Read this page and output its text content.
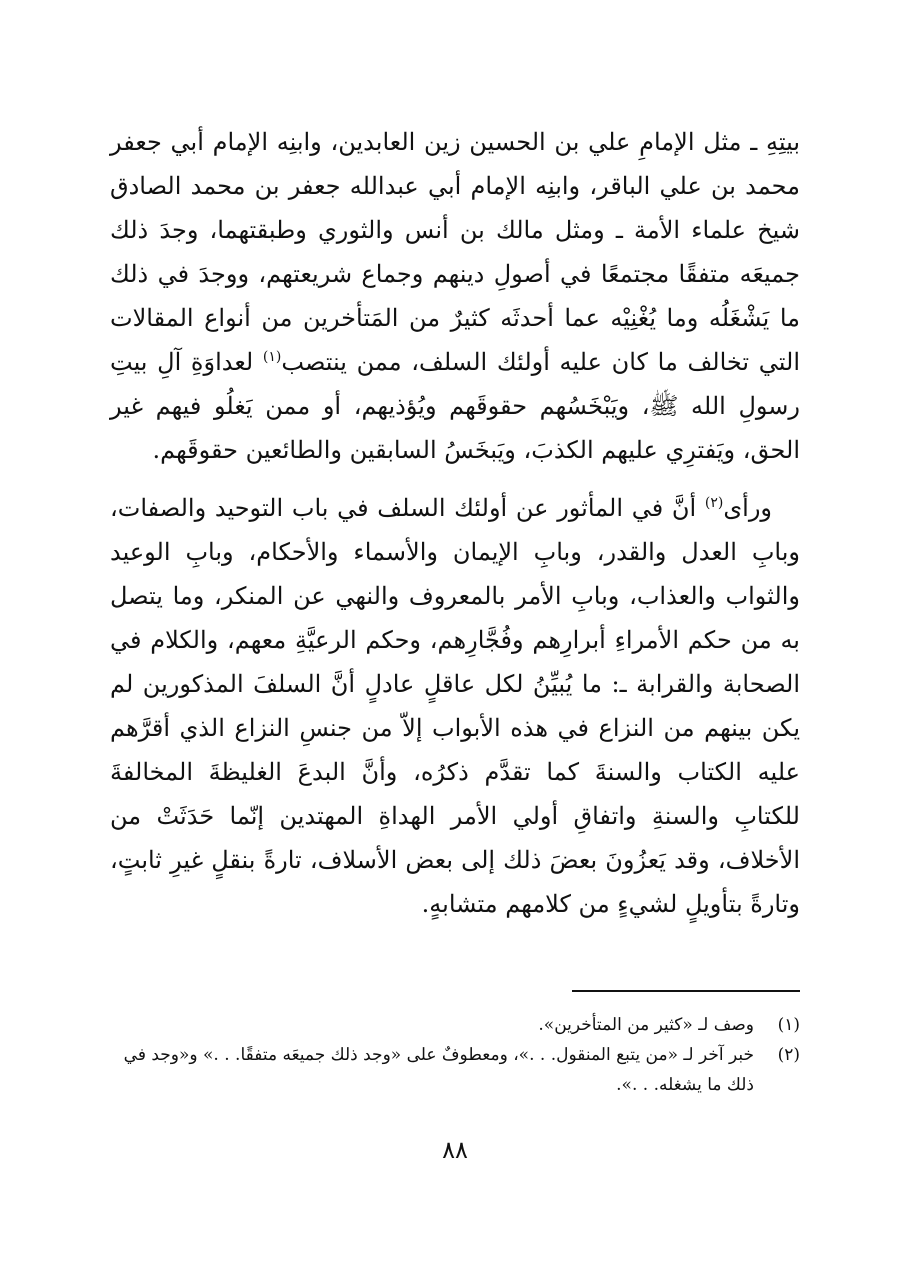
بيتِهِ ـ مثل الإمامِ علي بن الحسين زين العابدين، وابنِه الإمام أبي جعفر محمد بن علي الباقر، وابنِه الإمام أبي عبدالله جعفر بن محمد الصادق شيخ علماء الأمة ـ ومثل مالك بن أنس والثوري وطبقتهما، وجدَ ذلك جميعَه متفقًا مجتمعًا في أصولِ دينهم وجماع شريعتهم، ووجدَ في ذلك ما يَشْغَلُه وما يُغْنِيْه عما أحدثَه كثيرٌ من المَتأخرين من أنواع المقالات التي تخالف ما كان عليه أولئك السلف، ممن ينتصب$^{(١)}$ لعداوَةِ آلِ بيتِ رسولِ الله ﷺ، ويَبْخَسُهم حقوقَهم ويُؤذيهم، أو ممن يَغلُو فيهم غير الحق، ويَفترِي عليهم الكذبَ، ويَبخَسُ السابقين والطائعين حقوقَهم.

ورأى$^{(٢)}$ أنَّ في المأثور عن أولئك السلف في باب التوحيد والصفات، وبابِ العدل والقدر، وبابِ الإيمان والأسماء والأحكام، وبابِ الوعيد والثواب والعذاب، وبابِ الأمر بالمعروف والنهي عن المنكر، وما يتصل به من حكم الأمراءِ أبرارِهم وفُجَّارِهم، وحكم الرعيَّةِ معهم، والكلام في الصحابة والقرابة ـ: ما يُبيِّنُ لكل عاقلٍ عادلٍ أنَّ السلفَ المذكورين لم يكن بينهم من النزاع في هذه الأبواب إلاّ من جنسِ النزاع الذي أقرَّهم عليه الكتاب والسنةَ كما تقدَّم ذكرُه، وأنَّ البدعَ الغليظةَ المخالفةَ للكتابِ والسنةِ واتفاقِ أولي الأمر الهداةِ المهتدين إنّما حَدَثَتْ من الأخلاف، وقد يَعزُونَ بعضَ ذلك إلى بعض الأسلاف، تارةً بنقلٍ غيرِ ثابتٍ، وتارةً بتأويلٍ لشيءٍ من كلامهم متشابهٍ.

(١)
وصف لـ «كثير من المتأخرين».
(٢)
خبر آخر لـ «من يتبع المنقول. . .»، ومعطوفٌ على «وجد ذلك جميعَه متفقًا. . .» و«وجد في ذلك ما يشغله. . .».
٨٨
